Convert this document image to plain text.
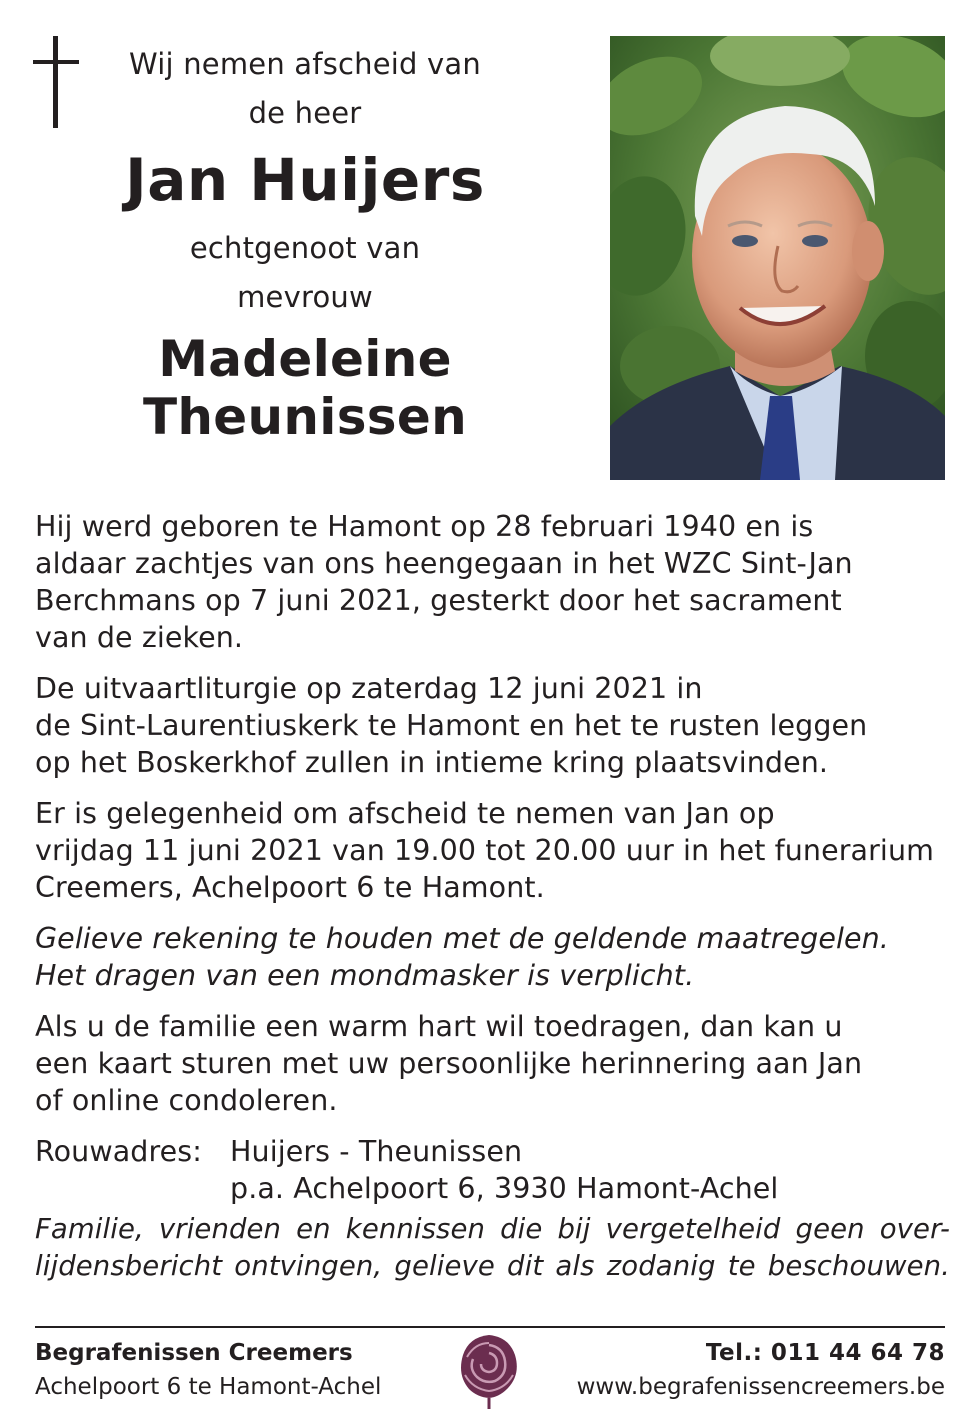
Wij nemen afscheid van
de heer
Jan Huijers
echtgenoot van
mevrouw
Madeleine
Theunissen
Hij werd geboren te Hamont op 28 februari 1940 en is
aldaar zachtjes van ons heengegaan in het WZC Sint-Jan
Berchmans op 7 juni 2021, gesterkt door het sacrament
van de zieken.
De uitvaartliturgie op zaterdag 12 juni 2021 in
de Sint-Laurentiuskerk te Hamont en het te rusten leggen
op het Boskerkhof zullen in intieme kring plaatsvinden.
Er is gelegenheid om afscheid te nemen van Jan op
vrijdag 11 juni 2021 van 19.00 tot 20.00 uur in het funerarium
Creemers, Achelpoort 6 te Hamont.
Gelieve rekening te houden met de geldende maatregelen.
Het dragen van een mondmasker is verplicht.
Als u de familie een warm hart wil toedragen, dan kan u
een kaart sturen met uw persoonlijke herinnering aan Jan
of online condoleren.
Rouwadres: Huijers - Theunissen
p.a. Achelpoort 6, 3930 Hamont-Achel
Familie, vrienden en kennissen die bij vergetelheid geen over-
lijdensbericht ontvingen, gelieve dit als zodanig te beschouwen.
Begrafenissen Creemers
Achelpoort 6 te Hamont-Achel
Tel.: 011 44 64 78
www.begrafenissencreemers.be
